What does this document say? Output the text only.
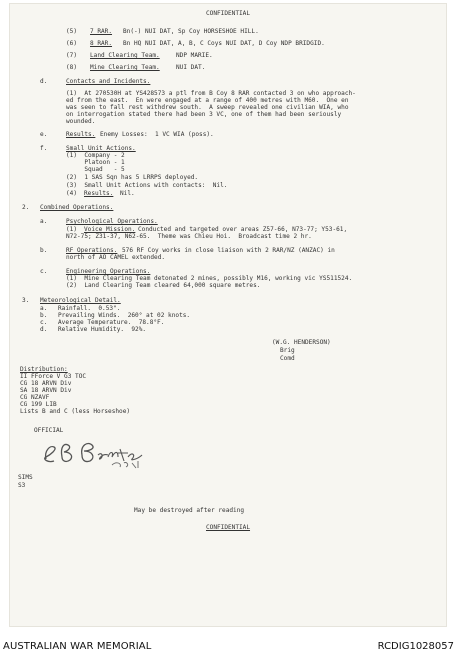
CONFIDENTIAL
(5) 7 RAR. Bn(-) NUI DAT, Sp Coy HORSESHOE HILL.
(6) 8 RAR. Bn HQ NUI DAT, A, B, C Coys NUI DAT, D Coy NDP BRIDGID.
(7) Land Clearing Team.	NDP MARIE.
(8) Mine Clearing Team.	NUI DAT.
d.	Contacts and Incidents.
(1)  At 270530H at YS428573 a ptl from B Coy 8 RAR contacted 3 on who approach-
ed from the east.  En were engaged at a range of 400 metres with M60.  One en
was seen to fall rest withdrew south.  A sweep revealed one civilian WIA, who
on interrogation stated there had been 3 VC, one of them had been seriously
wounded.
e.	Results. Enemy Losses:  1 VC WIA (poss).
f.	Small Unit Actions.
(1)  Company - 2
Platoon - 1
Squad   - 5
(2)  1 SAS Sqn has 5 LRRPS deployed.
(3)  Small Unit Actions with contacts:  Nil.
(4) Results. Nil.
2. Combined Operations.
a.	Psychological Operations.
(1) Voice Mission. Conducted and targeted over areas Z57-66, N73-77; Y53-61,
N72-75; Z31-37, N62-65.  Theme was Chieu Hoi.  Broadcast time 2 hr.
b.	RF Operations. 576 RF Coy works in close liaison with 2 RAR/NZ (ANZAC) in
north of AO CAMEL extended.
c.	Engineering Operations.
(1)  Mine Clearing Team detonated 2 mines, possibly M16, working vic YS511524.
(2)  Land Clearing Team cleared 64,000 square metres.
3. Meteorological Detail.
a. Rainfall.  0.53".
b. Prevailing Winds.  260° at 02 knots.
c. Average Temperature.  78.8°F.
d. Relative Humidity.  92%.
(W.G. HENDERSON)
Brig
Comd
Distribution:
II FForce V G3 TOC
CG 18 ARVN Div
SA 18 ARVN Div
CG NZAVF
CG 199 LIB
Lists B and C (less Horseshoe)
OFFICIAL
SIMS
S3
May be destroyed after reading
CONFIDENTIAL
AUSTRALIAN WAR MEMORIAL	RCDIG1028057
